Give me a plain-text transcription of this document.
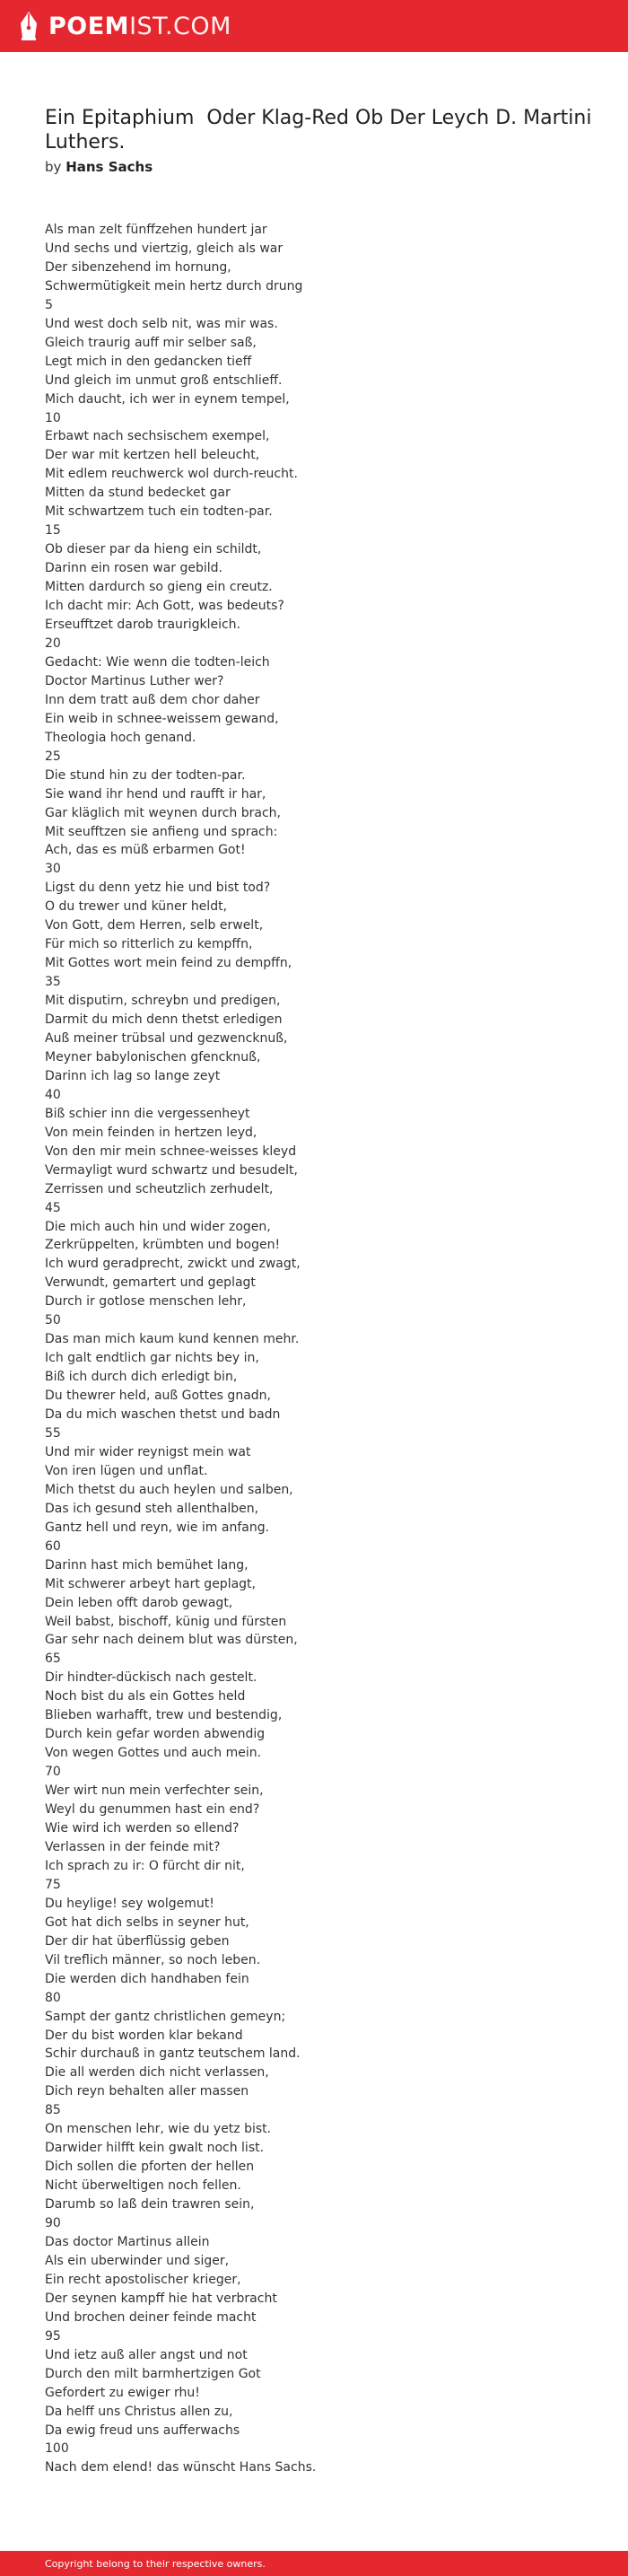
POEMIST.COM
Ein Epitaphium  Oder Klag-Red Ob Der Leych D. Martini Luthers.
by Hans Sachs
Als man zelt fünffzehen hundert jar
Und sechs und viertzig, gleich als war
Der sibenzehend im hornung,
Schwermütigkeit mein hertz durch drung
5
Und west doch selb nit, was mir was.
Gleich traurig auff mir selber saß,
Legt mich in den gedancken tieff
Und gleich im unmut groß entschlieff.
Mich daucht, ich wer in eynem tempel,
10
Erbawt nach sechsischem exempel,
Der war mit kertzen hell beleucht,
Mit edlem reuchwerck wol durch-reucht.
Mitten da stund bedecket gar
Mit schwartzem tuch ein todten-par.
15
Ob dieser par da hieng ein schildt,
Darinn ein rosen war gebild.
Mitten dardurch so gieng ein creutz.
Ich dacht mir: Ach Gott, was bedeuts?
Erseufftzet darob traurigkleich.
20
Gedacht: Wie wenn die todten-leich
Doctor Martinus Luther wer?
Inn dem tratt auß dem chor daher
Ein weib in schnee-weissem gewand,
Theologia hoch genand.
25
Die stund hin zu der todten-par.
Sie wand ihr hend und raufft ir har,
Gar kläglich mit weynen durch brach,
Mit seufftzen sie anfieng und sprach:
Ach, das es müß erbarmen Got!
30
Ligst du denn yetz hie und bist tod?
O du trewer und küner heldt,
Von Gott, dem Herren, selb erwelt,
Für mich so ritterlich zu kempffn,
Mit Gottes wort mein feind zu dempffn,
35
Mit disputirn, schreybn und predigen,
Darmit du mich denn thetst erledigen
Auß meiner trübsal und gezwencknuß,
Meyner babylonischen gfencknuß,
Darinn ich lag so lange zeyt
40
Biß schier inn die vergessenheyt
Von mein feinden in hertzen leyd,
Von den mir mein schnee-weisses kleyd
Vermayligt wurd schwartz und besudelt,
Zerrissen und scheutzlich zerhudelt,
45
Die mich auch hin und wider zogen,
Zerkrüppelten, krümbten und bogen!
Ich wurd geradprecht, zwickt und zwagt,
Verwundt, gemartert und geplagt
Durch ir gotlose menschen lehr,
50
Das man mich kaum kund kennen mehr.
Ich galt endtlich gar nichts bey in,
Biß ich durch dich erledigt bin,
Du thewrer held, auß Gottes gnadn,
Da du mich waschen thetst und badn
55
Und mir wider reynigst mein wat
Von iren lügen und unflat.
Mich thetst du auch heylen und salben,
Das ich gesund steh allenthalben,
Gantz hell und reyn, wie im anfang.
60
Darinn hast mich bemühet lang,
Mit schwerer arbeyt hart geplagt,
Dein leben offt darob gewagt,
Weil babst, bischoff, künig und fürsten
Gar sehr nach deinem blut was dürsten,
65
Dir hindter-dückisch nach gestelt.
Noch bist du als ein Gottes held
Blieben warhafft, trew und bestendig,
Durch kein gefar worden abwendig
Von wegen Gottes und auch mein.
70
Wer wirt nun mein verfechter sein,
Weyl du genummen hast ein end?
Wie wird ich werden so ellend?
Verlassen in der feinde mit?
Ich sprach zu ir: O fürcht dir nit,
75
Du heylige! sey wolgemut!
Got hat dich selbs in seyner hut,
Der dir hat überflüssig geben
Vil treflich männer, so noch leben.
Die werden dich handhaben fein
80
Sampt der gantz christlichen gemeyn;
Der du bist worden klar bekand
Schir durchauß in gantz teutschem land.
Die all werden dich nicht verlassen,
Dich reyn behalten aller massen
85
On menschen lehr, wie du yetz bist.
Darwider hilfft kein gwalt noch list.
Dich sollen die pforten der hellen
Nicht überweltigen noch fellen.
Darumb so laß dein trawren sein,
90
Das doctor Martinus allein
Als ein uberwinder und siger,
Ein recht apostolischer krieger,
Der seynen kampff hie hat verbracht
Und brochen deiner feinde macht
95
Und ietz auß aller angst und not
Durch den milt barmhertzigen Got
Gefordert zu ewiger rhu!
Da helff uns Christus allen zu,
Da ewig freud uns aufferwachs
100
Nach dem elend! das wünscht Hans Sachs.
Copyright belong to their respective owners.
